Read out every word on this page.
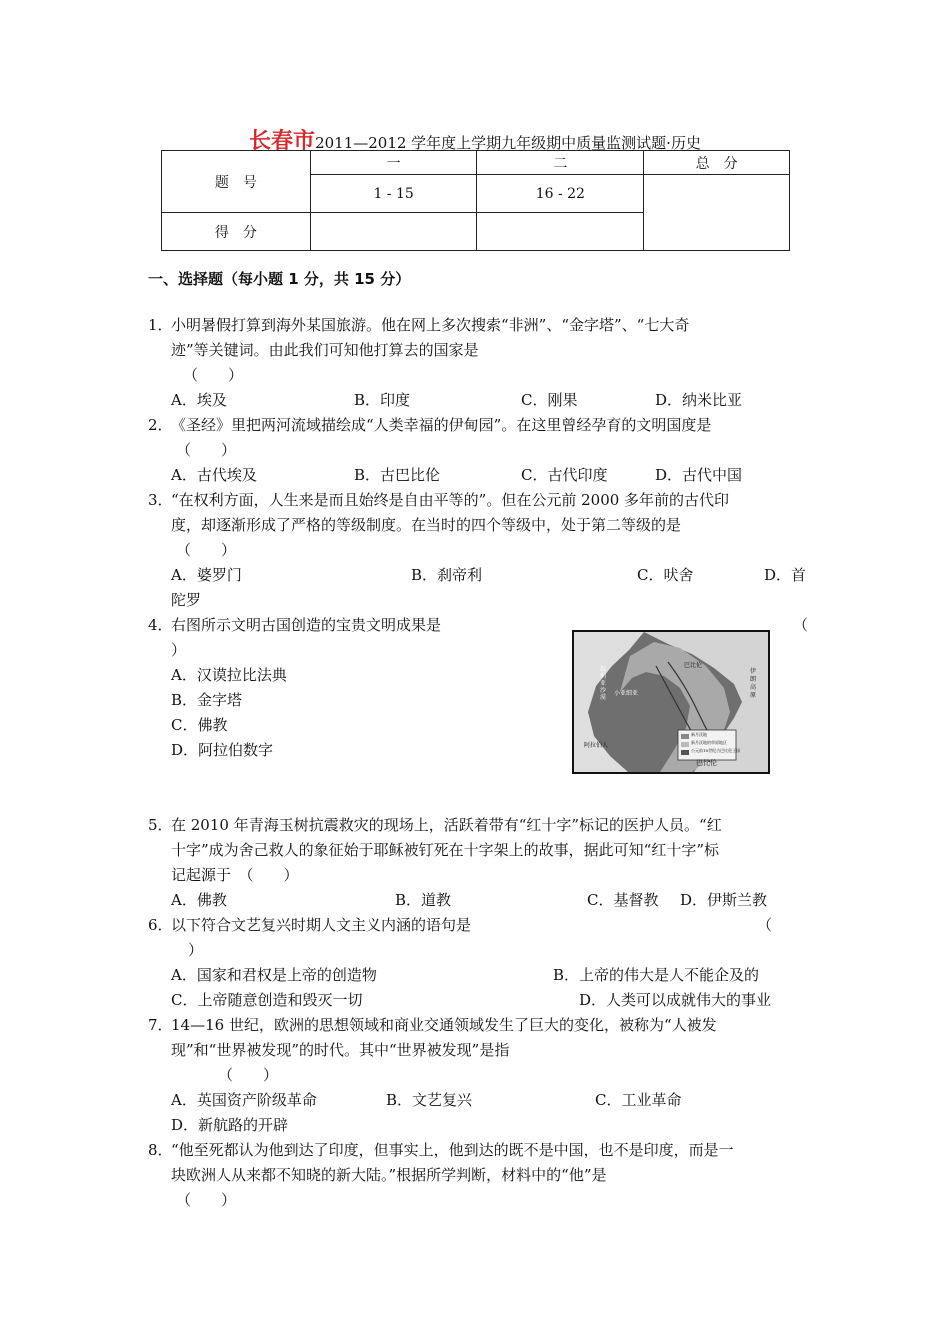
长春市2011—2012 学年度上学期九年级期中质量监测试题·历史
题　号	一	二	总　分
	1 - 15	16 - 22	
得　分			
一、选择题（每小题 1 分，共 15 分）
1．
小明暑假打算到海外某国旅游。他在网上多次搜索“非洲”、“金字塔”、“七大奇
迹”等关键词。由此我们可知他打算去的国家是
（　　）
A．埃及	B．印度	C．刚果	D．纳米比亚
2．
《圣经》里把两河流域描绘成“人类幸福的伊甸园”。在这里曾经孕育的文明国度是
（　　）
A．古代埃及	B．古巴比伦	C．古代印度	D．古代中国
3．
“在权利方面，人生来是而且始终是自由平等的”。但在公元前 2000 多年前的古代印
度，却逐渐形成了严格的等级制度。在当时的四个等级中，处于第二等级的是
（　　）
A．婆罗门	B．刹帝利	C．吠舍	D．首
陀罗
4．
右图所示文明古国创造的宝贵文明成果是	（
）
A．汉谟拉比法典
B．金字塔
C．佛教
D．阿拉伯数字
小亚细亚
叙利亚沙漠
巴比伦
伊朗高原
阿拉伯人
巴比伦
新月沃地
新月沃地的草原地区
公元前18世纪古巴比伦王国
5．
在 2010 年青海玉树抗震救灾的现场上，活跃着带有“红十字”标记的医护人员。“红
十字”成为舍己救人的象征始于耶稣被钉死在十字架上的故事，据此可知“红十字”标
记起源于　（　　）
A．佛教	B．道教	C．基督教 D．伊斯兰教
6．
以下符合文艺复兴时期人文主义内涵的语句是	（
）
A．国家和君权是上帝的创造物	B．上帝的伟大是人不能企及的
C．上帝随意创造和毁灭一切	D．人类可以成就伟大的事业
7．
14—16 世纪，欧洲的思想领域和商业交通领域发生了巨大的变化，被称为“人被发
现”和“世界被发现”的时代。其中“世界被发现”是指
（　　）
A．英国资产阶级革命	B．文艺复兴	C．工业革命
D．新航路的开辟
8．
“他至死都认为他到达了印度，但事实上，他到达的既不是中国，也不是印度，而是一
块欧洲人从来都不知晓的新大陆。”根据所学判断，材料中的“他”是
（　　）
